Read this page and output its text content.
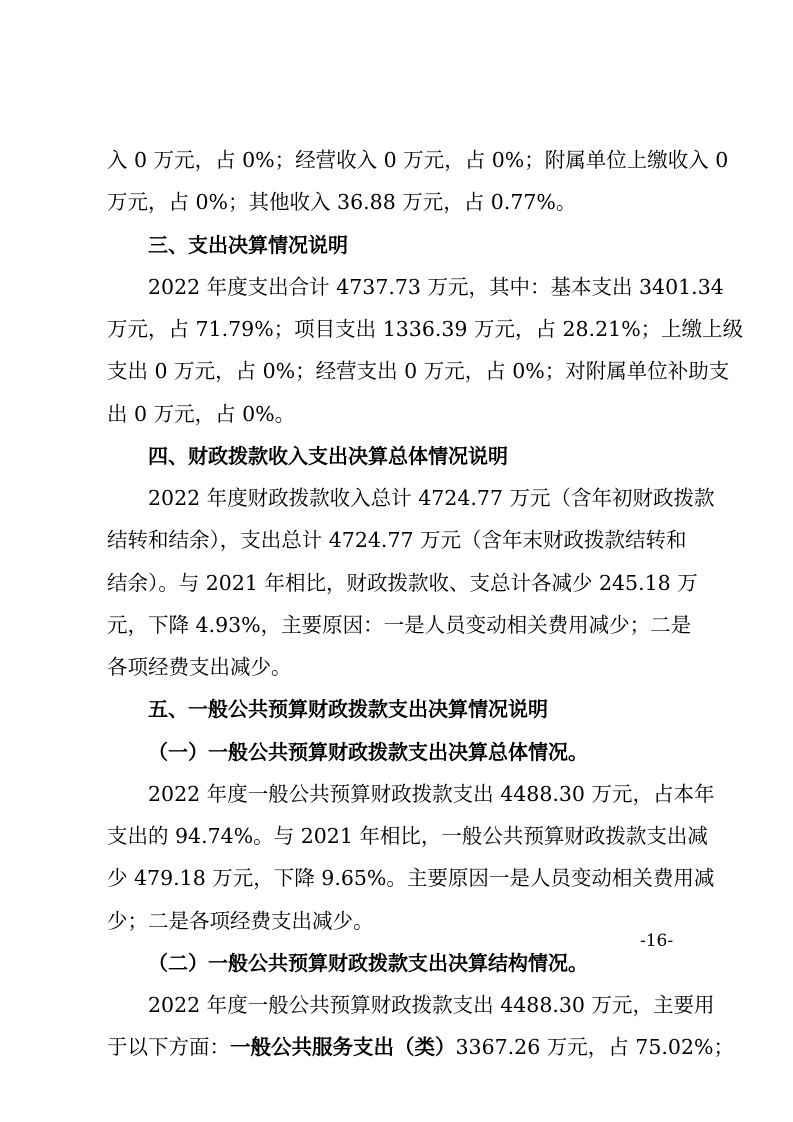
入 0 万元，占 0%；经营收入 0 万元，占 0%；附属单位上缴收入 0
万元，占 0%；其他收入 36.88 万元，占 0.77%。
三、支出决算情况说明
2022 年度支出合计 4737.73 万元，其中：基本支出 3401.34
万元，占 71.79%；项目支出 1336.39 万元，占 28.21%；上缴上级
支出 0 万元，占 0%；经营支出 0 万元，占 0%；对附属单位补助支
出 0 万元，占 0%。
四、财政拨款收入支出决算总体情况说明
2022 年度财政拨款收入总计 4724.77 万元（含年初财政拨款
结转和结余），支出总计 4724.77 万元（含年末财政拨款结转和
结余）。与 2021 年相比，财政拨款收、支总计各减少 245.18 万
元，下降 4.93%，主要原因：一是人员变动相关费用减少；二是
各项经费支出减少。
五、一般公共预算财政拨款支出决算情况说明
（一）一般公共预算财政拨款支出决算总体情况。
2022 年度一般公共预算财政拨款支出 4488.30 万元，占本年
支出的 94.74%。与 2021 年相比，一般公共预算财政拨款支出减
少 479.18 万元，下降 9.65%。主要原因一是人员变动相关费用减
少；二是各项经费支出减少。
（二）一般公共预算财政拨款支出决算结构情况。
2022 年度一般公共预算财政拨款支出 4488.30 万元，主要用
于以下方面：一般公共服务支出（类）3367.26 万元，占 75.02%；
-16-
